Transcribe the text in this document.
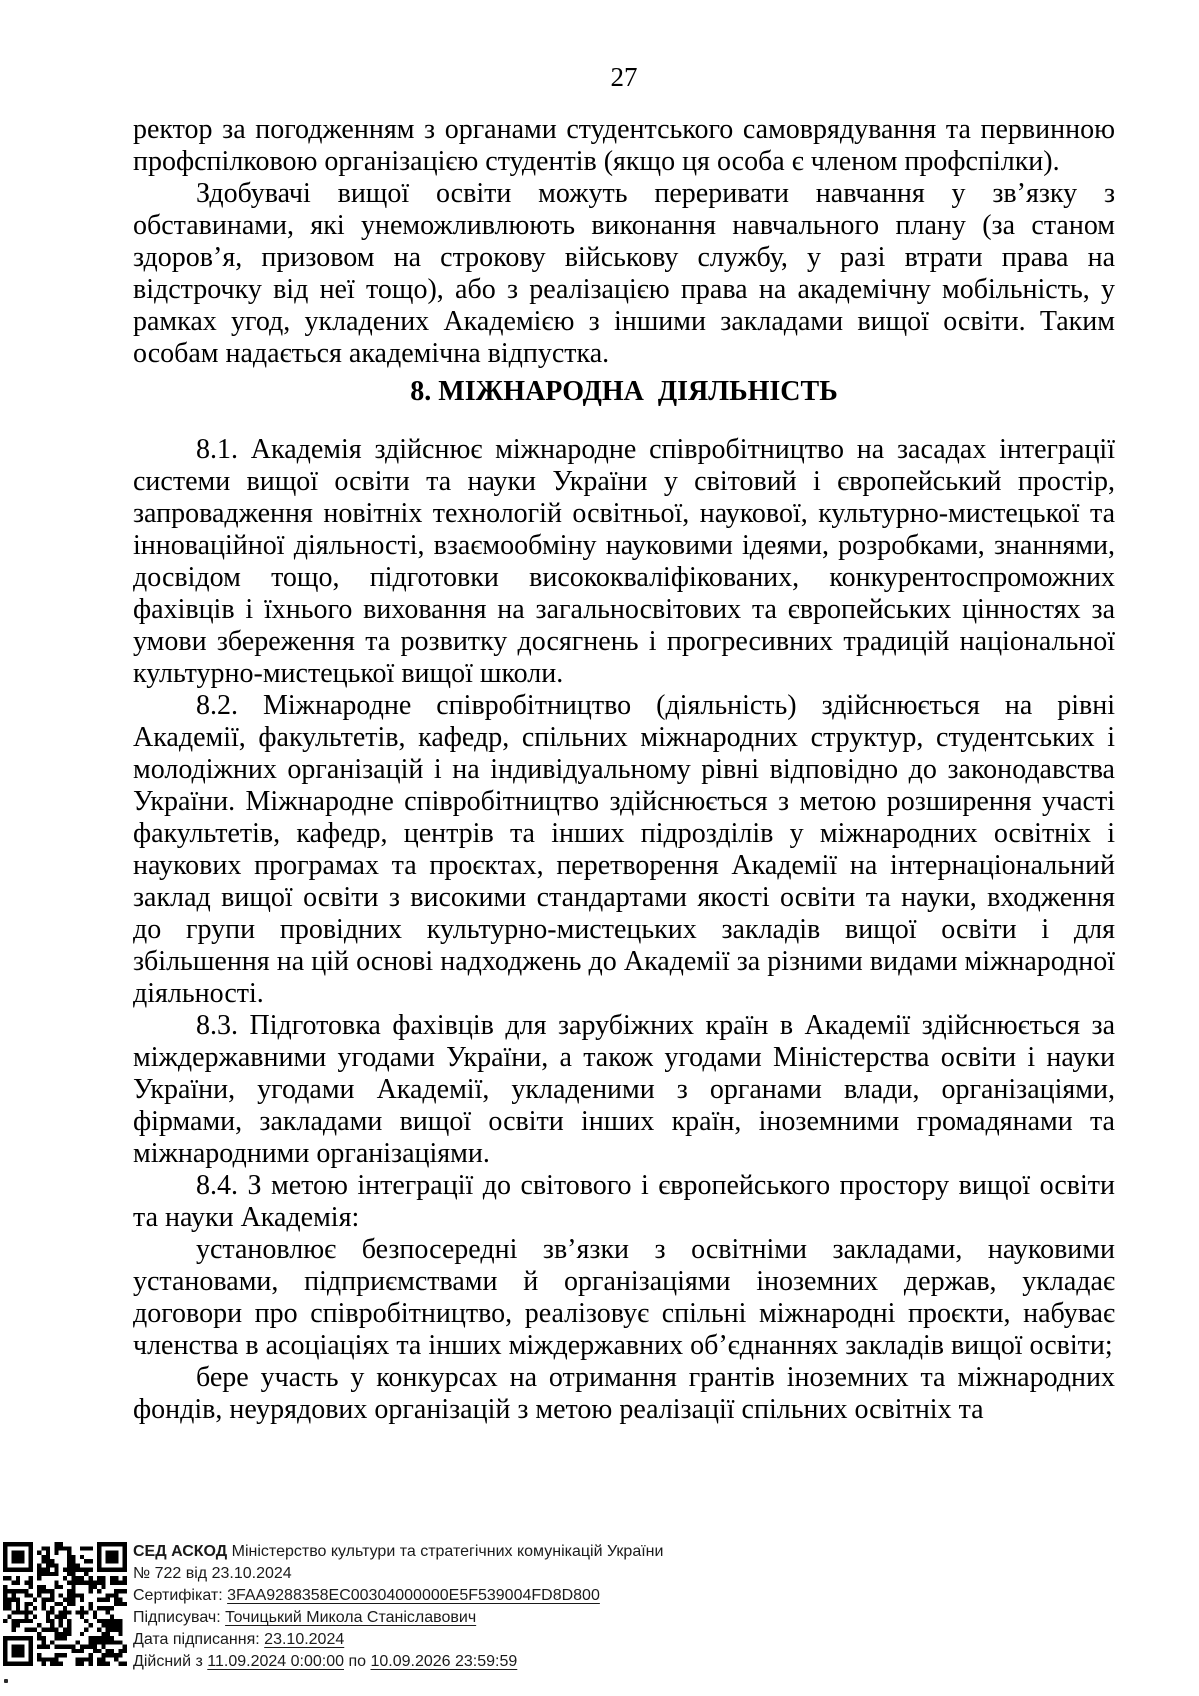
27

ректор за погодженням з органами студентського самоврядування та первинною профспілковою організацією студентів (якщо ця особа є членом профспілки).

Здобувачі вищої освіти можуть переривати навчання у зв’язку з обставинами, які унеможливлюють виконання навчального плану (за станом здоров’я, призовом на строкову військову службу, у разі втрати права на відстрочку від неї тощо), або з реалізацією права на академічну мобільність, у рамках угод, укладених Академією з іншими закладами вищої освіти. Таким особам надається академічна відпустка.

8. МІЖНАРОДНА  ДІЯЛЬНІСТЬ

8.1. Академія здійснює міжнародне співробітництво на засадах інтеграції системи вищої освіти та науки України у світовий і європейський простір, запровадження новітніх технологій освітньої, наукової, культурно-мистецької та інноваційної діяльності, взаємообміну науковими ідеями, розробками, знаннями, досвідом тощо, підготовки висококваліфікованих, конкурентоспроможних фахівців і їхнього виховання на загальносвітових та європейських цінностях за умови збереження та розвитку досягнень і прогресивних традицій національної культурно-мистецької вищої школи.

8.2. Міжнародне співробітництво (діяльність) здійснюється на рівні Академії, факультетів, кафедр, спільних міжнародних структур, студентських і молодіжних організацій і на індивідуальному рівні відповідно до законодавства України. Міжнародне співробітництво здійснюється з метою розширення участі факультетів, кафедр, центрів та інших підрозділів у міжнародних освітніх і наукових програмах та проєктах, перетворення Академії на інтернаціональний заклад вищої освіти з високими стандартами якості освіти та науки, входження до групи провідних культурно-мистецьких закладів вищої освіти і для збільшення на цій основі надходжень до Академії за різними видами міжнародної діяльності.

8.3. Підготовка фахівців для зарубіжних країн в Академії здійснюється за міждержавними угодами України, а також угодами Міністерства освіти і науки України, угодами Академії, укладеними з органами влади, організаціями, фірмами, закладами вищої освіти інших країн, іноземними громадянами та міжнародними організаціями.

8.4. З метою інтеграції до світового і європейського простору вищої освіти та науки Академія:

установлює безпосередні зв’язки з освітніми закладами, науковими установами, підприємствами й організаціями іноземних держав, укладає договори про співробітництво, реалізовує спільні міжнародні проєкти, набуває членства в асоціаціях та інших міждержавних об’єднаннях закладів вищої освіти;

бере участь у конкурсах на отримання грантів іноземних та міжнародних фондів, неурядових організацій з метою реалізації спільних освітніх та

СЕД АСКОД Міністерство культури та стратегічних комунікацій України
№ 722 від 23.10.2024
Сертифікат: 3FAA9288358EC00304000000E5F539004FD8D800
Підписувач: Точицький Микола Станіславович
Дата підписання: 23.10.2024
Дійсний з 11.09.2024 0:00:00 по 10.09.2026 23:59:59
